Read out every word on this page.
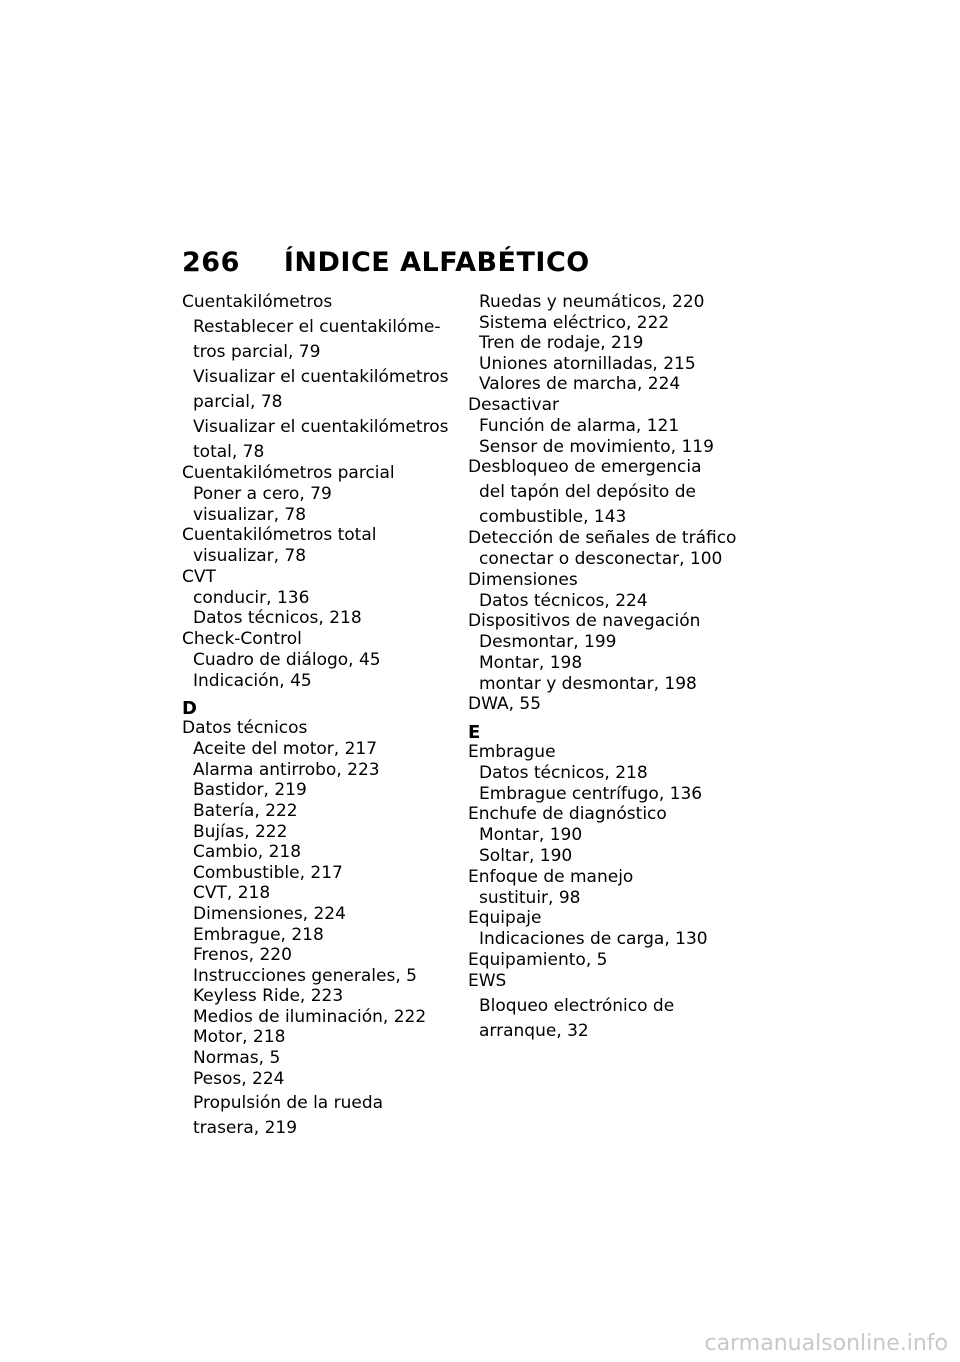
266 ÍNDICE ALFABÉTICO
Cuentakilómetros
Restablecer el cuentakilóme-
tros parcial, 79
Visualizar el cuentakilómetros
parcial, 78
Visualizar el cuentakilómetros
total, 78
Cuentakilómetros parcial
Poner a cero, 79
visualizar, 78
Cuentakilómetros total
visualizar, 78
CVT
conducir, 136
Datos técnicos, 218
Check-Control
Cuadro de diálogo, 45
Indicación, 45
D
Datos técnicos
Aceite del motor, 217
Alarma antirrobo, 223
Bastidor, 219
Batería, 222
Bujías, 222
Cambio, 218
Combustible, 217
CVT, 218
Dimensiones, 224
Embrague, 218
Frenos, 220
Instrucciones generales, 5
Keyless Ride, 223
Medios de iluminación, 222
Motor, 218
Normas, 5
Pesos, 224
Propulsión de la rueda
trasera, 219
Ruedas y neumáticos, 220
Sistema eléctrico, 222
Tren de rodaje, 219
Uniones atornilladas, 215
Valores de marcha, 224
Desactivar
Función de alarma, 121
Sensor de movimiento, 119
Desbloqueo de emergencia
del tapón del depósito de
combustible, 143
Detección de señales de tráfico
conectar o desconectar, 100
Dimensiones
Datos técnicos, 224
Dispositivos de navegación
Desmontar, 199
Montar, 198
montar y desmontar, 198
DWA, 55
E
Embrague
Datos técnicos, 218
Embrague centrífugo, 136
Enchufe de diagnóstico
Montar, 190
Soltar, 190
Enfoque de manejo
sustituir, 98
Equipaje
Indicaciones de carga, 130
Equipamiento, 5
EWS
Bloqueo electrónico de
arranque, 32
carmanualsonline.info
